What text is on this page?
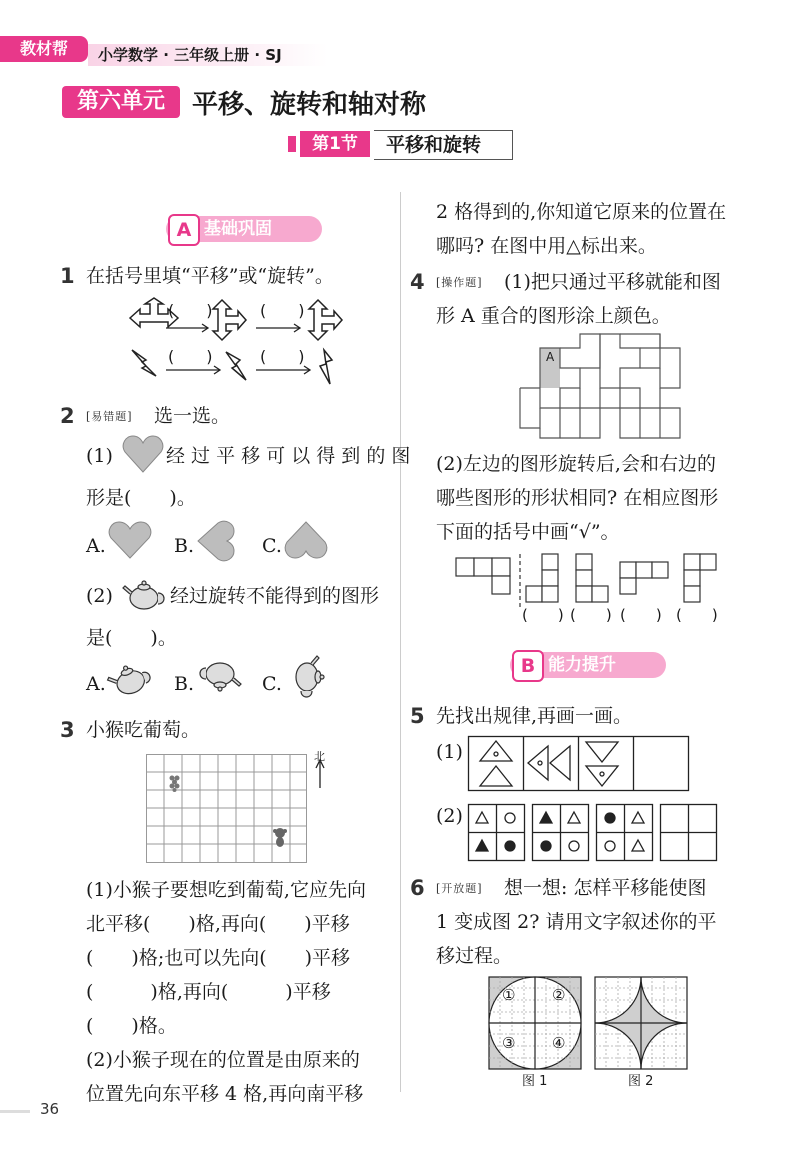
教材帮	小学数学 · 三年级上册 · SJ
第六单元	平移、旋转和轴对称
第1节	平移和旋转
A 基础巩固
1 在括号里填“平移”或“旋转”。
(　　)	(　　)
(　　)	(　　)
2 [易错题] 选一选。
(1)	经 过 平 移 可 以 得 到 的 图
形是(　　)。
A.	B.	C.
(2)	经过旋转不能得到的图形
是(　　)。
A.	B.	C.
3 小猴吃葡萄。
北
(1)小猴子要想吃到葡萄,它应先向
北平移(　　)格,再向(　　)平移
(　　)格;也可以先向(　　)平移
(　　　)格,再向(　　　)平移
(　　)格。
(2)小猴子现在的位置是由原来的
位置先向东平移 4 格,再向南平移
2 格得到的,你知道它原来的位置在
哪吗? 在图中用△标出来。
4 [操作题] (1)把只通过平移就能和图
形 A 重合的图形涂上颜色。
A
(2)左边的图形旋转后,会和右边的
哪些图形的形状相同? 在相应图形
下面的括号中画“√”。
(　　) (　　) (　　) (　　)
B 能力提升
5 先找出规律,再画一画。
(1)
(2)
6 [开放题] 想一想: 怎样平移能使图
1 变成图 2? 请用文字叙述你的平
移过程。
① ②
③ ④
图 1	图 2
36
